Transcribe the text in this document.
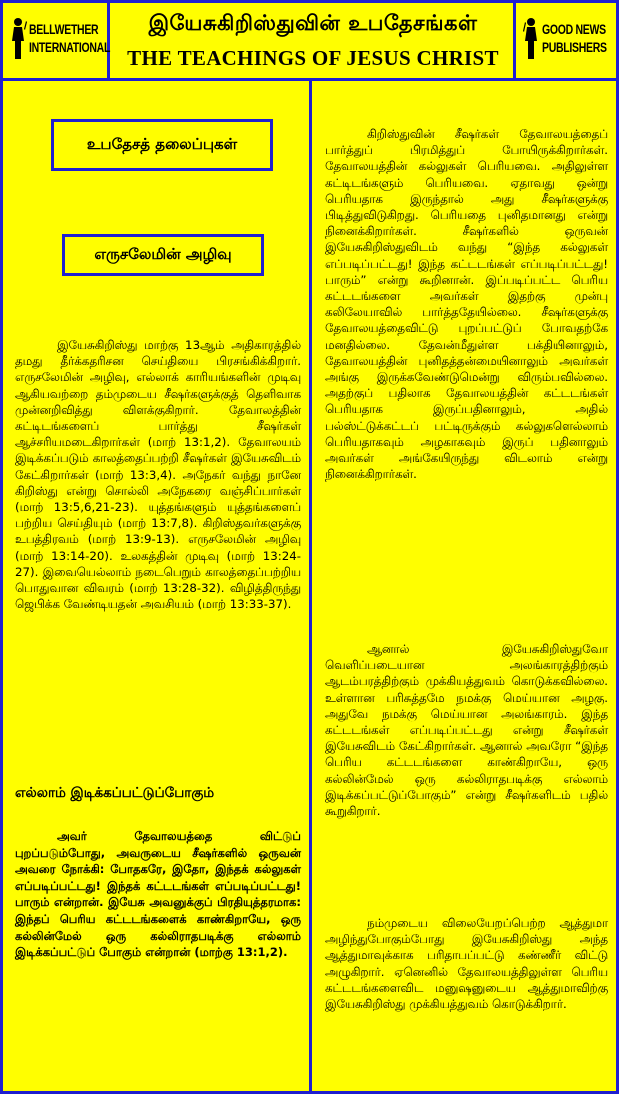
BELLWETHER
INTERNATIONAL
இயேசுகிறிஸ்துவின் உபதேசங்கள்
THE TEACHINGS OF JESUS CHRIST
GOOD NEWS
PUBLISHERS
உபதேசத் தலைப்புகள்
எருசலேமின் அழிவு

இயேசுகிறிஸ்து மாற்கு 13ஆம் அதிகாரத்தில் தமது தீர்க்கதரிசன செய்தியை பிரசங்கிக்கிறார். எருசலேமின் அழிவு, எல்லாக் காரியங்களின் முடிவு ஆகியவற்றை தம்முடைய சீஷர்களுக்குத் தெளிவாக முன்னறிவித்து விளக்குகிறார். தேவாலத்தின் கட்டிடங்களைப் பார்த்து சீஷர்கள் ஆச்சரியமடைகிறார்கள் (மாற் 13:1,2). தேவாலயம் இடிக்கப்படும் காலத்தைப்பற்றி சீஷர்கள் இயேசுவிடம் கேட்கிறார்கள் (மாற் 13:3,4). அநேகர் வந்து நானே கிறிஸ்து என்று சொல்லி அநேகரை வஞ்சிப்பார்கள் (மாற் 13:5,6,21-23). யுத்தங்களும் யுத்தங்களைப் பற்றிய செய்தியும் (மாற் 13:7,8). கிறிஸ்தவர்களுக்கு உபத்திரவம் (மாற் 13:9-13). எருசலேமின் அழிவு (மாற் 13:14-20). உலகத்தின் முடிவு (மாற் 13:24-27). இவையெல்லாம் நடைபெறும் காலத்தைப்பற்றிய பொதுவான விவரம் (மாற் 13:28-32). விழித்திருந்து ஜெபிக்க வேண்டியதன் அவசியம் (மாற் 13:33-37).

எல்லாம் இடிக்கப்பட்டுப்போகும்

அவர் தேவாலயத்தை விட்டுப் புறப்படும்போது, அவருடைய சீஷர்களில் ஒருவன் அவரை நோக்கி: போதகரே, இதோ, இந்தக் கல்லுகள் எப்படிப்பட்டது! இந்தக் கட்டடங்கள் எப்படிப்பட்டது! பாரும் என்றான். இயேசு அவனுக்குப் பிரதியுத்தரமாக: இந்தப் பெரிய கட்டடங்களைக் காண்கிறாயே, ஒரு கல்லின்மேல் ஒரு கல்லிராதபடிக்கு எல்லாம் இடிக்கப்பட்டுப் போகும் என்றான் (மாற்கு 13:1,2).

கிறிஸ்துவின் சீஷர்கள் தேவாலயத்தைப் பார்த்துப் பிரமித்துப் போயிருக்கிறார்கள். தேவாலயத்தின் கல்லுகள் பெரியவை. அதிலுள்ள கட்டிடங்களும் பெரியவை. ஏதாவது ஒன்று பெரியதாக இருந்தால் அது சீஷர்களுக்கு பிடித்துவிடுகிறது. பெரியதை புனிதமானது என்று நினைக்கிறார்கள். சீஷர்களில் ஒருவன் இயேசுகிறிஸ்துவிடம் வந்து “இந்த கல்லுகள் எப்படிப்பட்டது! இந்த கட்டடங்கள் எப்படிப்பட்டது! பாரும்” என்று கூறினான். இப்படிப்பட்ட பெரிய கட்டடங்களை அவர்கள் இதற்கு முன்பு கலிலேயாவில் பார்த்ததேயில்லை. சீஷர்களுக்கு தேவாலயத்தைவிட்டு புறப்பட்டுப் போவதற்கே மனதில்லை. தேவன்மீதுள்ள பக்தியினாலும், தேவாலயத்தின் புனிதத்தன்மையினாலும் அவர்கள் அங்கு இருக்கவேண்டுமென்று விரும்பவில்லை. அதற்குப் பதிலாக தேவாலயத்தின் கட்டடங்கள் பெரியதாக இருப்பதினாலும், அதில் பல்ஸ்ட்டுக்கட்டப் பட்டிருக்கும் கல்லுகளெல்லாம் பெரியதாகவும் அழகாகவும் இருப் பதினாலும் அவர்கள் அங்கேயிருந்து விடலாம் என்று நினைக்கிறார்கள்.

ஆனால் இயேசுகிறிஸ்துவோ வெளிப்படையான அலங்காரத்திற்கும் ஆடம்பரத்திற்கும் முக்கியத்துவம் கொடுக்கவில்லை. உள்ளான பரிசுத்தமே நமக்கு மெய்யான அழகு. அதுவே நமக்கு மெய்யான அலங்காரம். இந்த கட்டடங்கள் எப்படிப்பட்டது என்று சீஷர்கள் இயேசுவிடம் கேட்கிறார்கள். ஆனால் அவரோ “இந்த பெரிய கட்டடங்களை காண்கிறாயே, ஒரு கல்லின்மேல் ஒரு கல்லிராதபடிக்கு எல்லாம் இடிக்கப்பட்டுப்போகும்” என்று சீஷர்களிடம் பதில் கூறுகிறார்.

நம்முடைய விலையேறப்பெற்ற ஆத்துமா அழிந்துபோகும்போது இயேசுகிறிஸ்து அந்த ஆத்துமாவுக்காக பரிதாபப்பட்டு கண்ணீர் விட்டு அழுகிறார். ஏனெனில் தேவாலயத்திலுள்ள பெரிய கட்டடங்களைவிட மனுஷனுடைய ஆத்துமாவிற்கு இயேசுகிறிஸ்து முக்கியத்துவம் கொடுக்கிறார்.
